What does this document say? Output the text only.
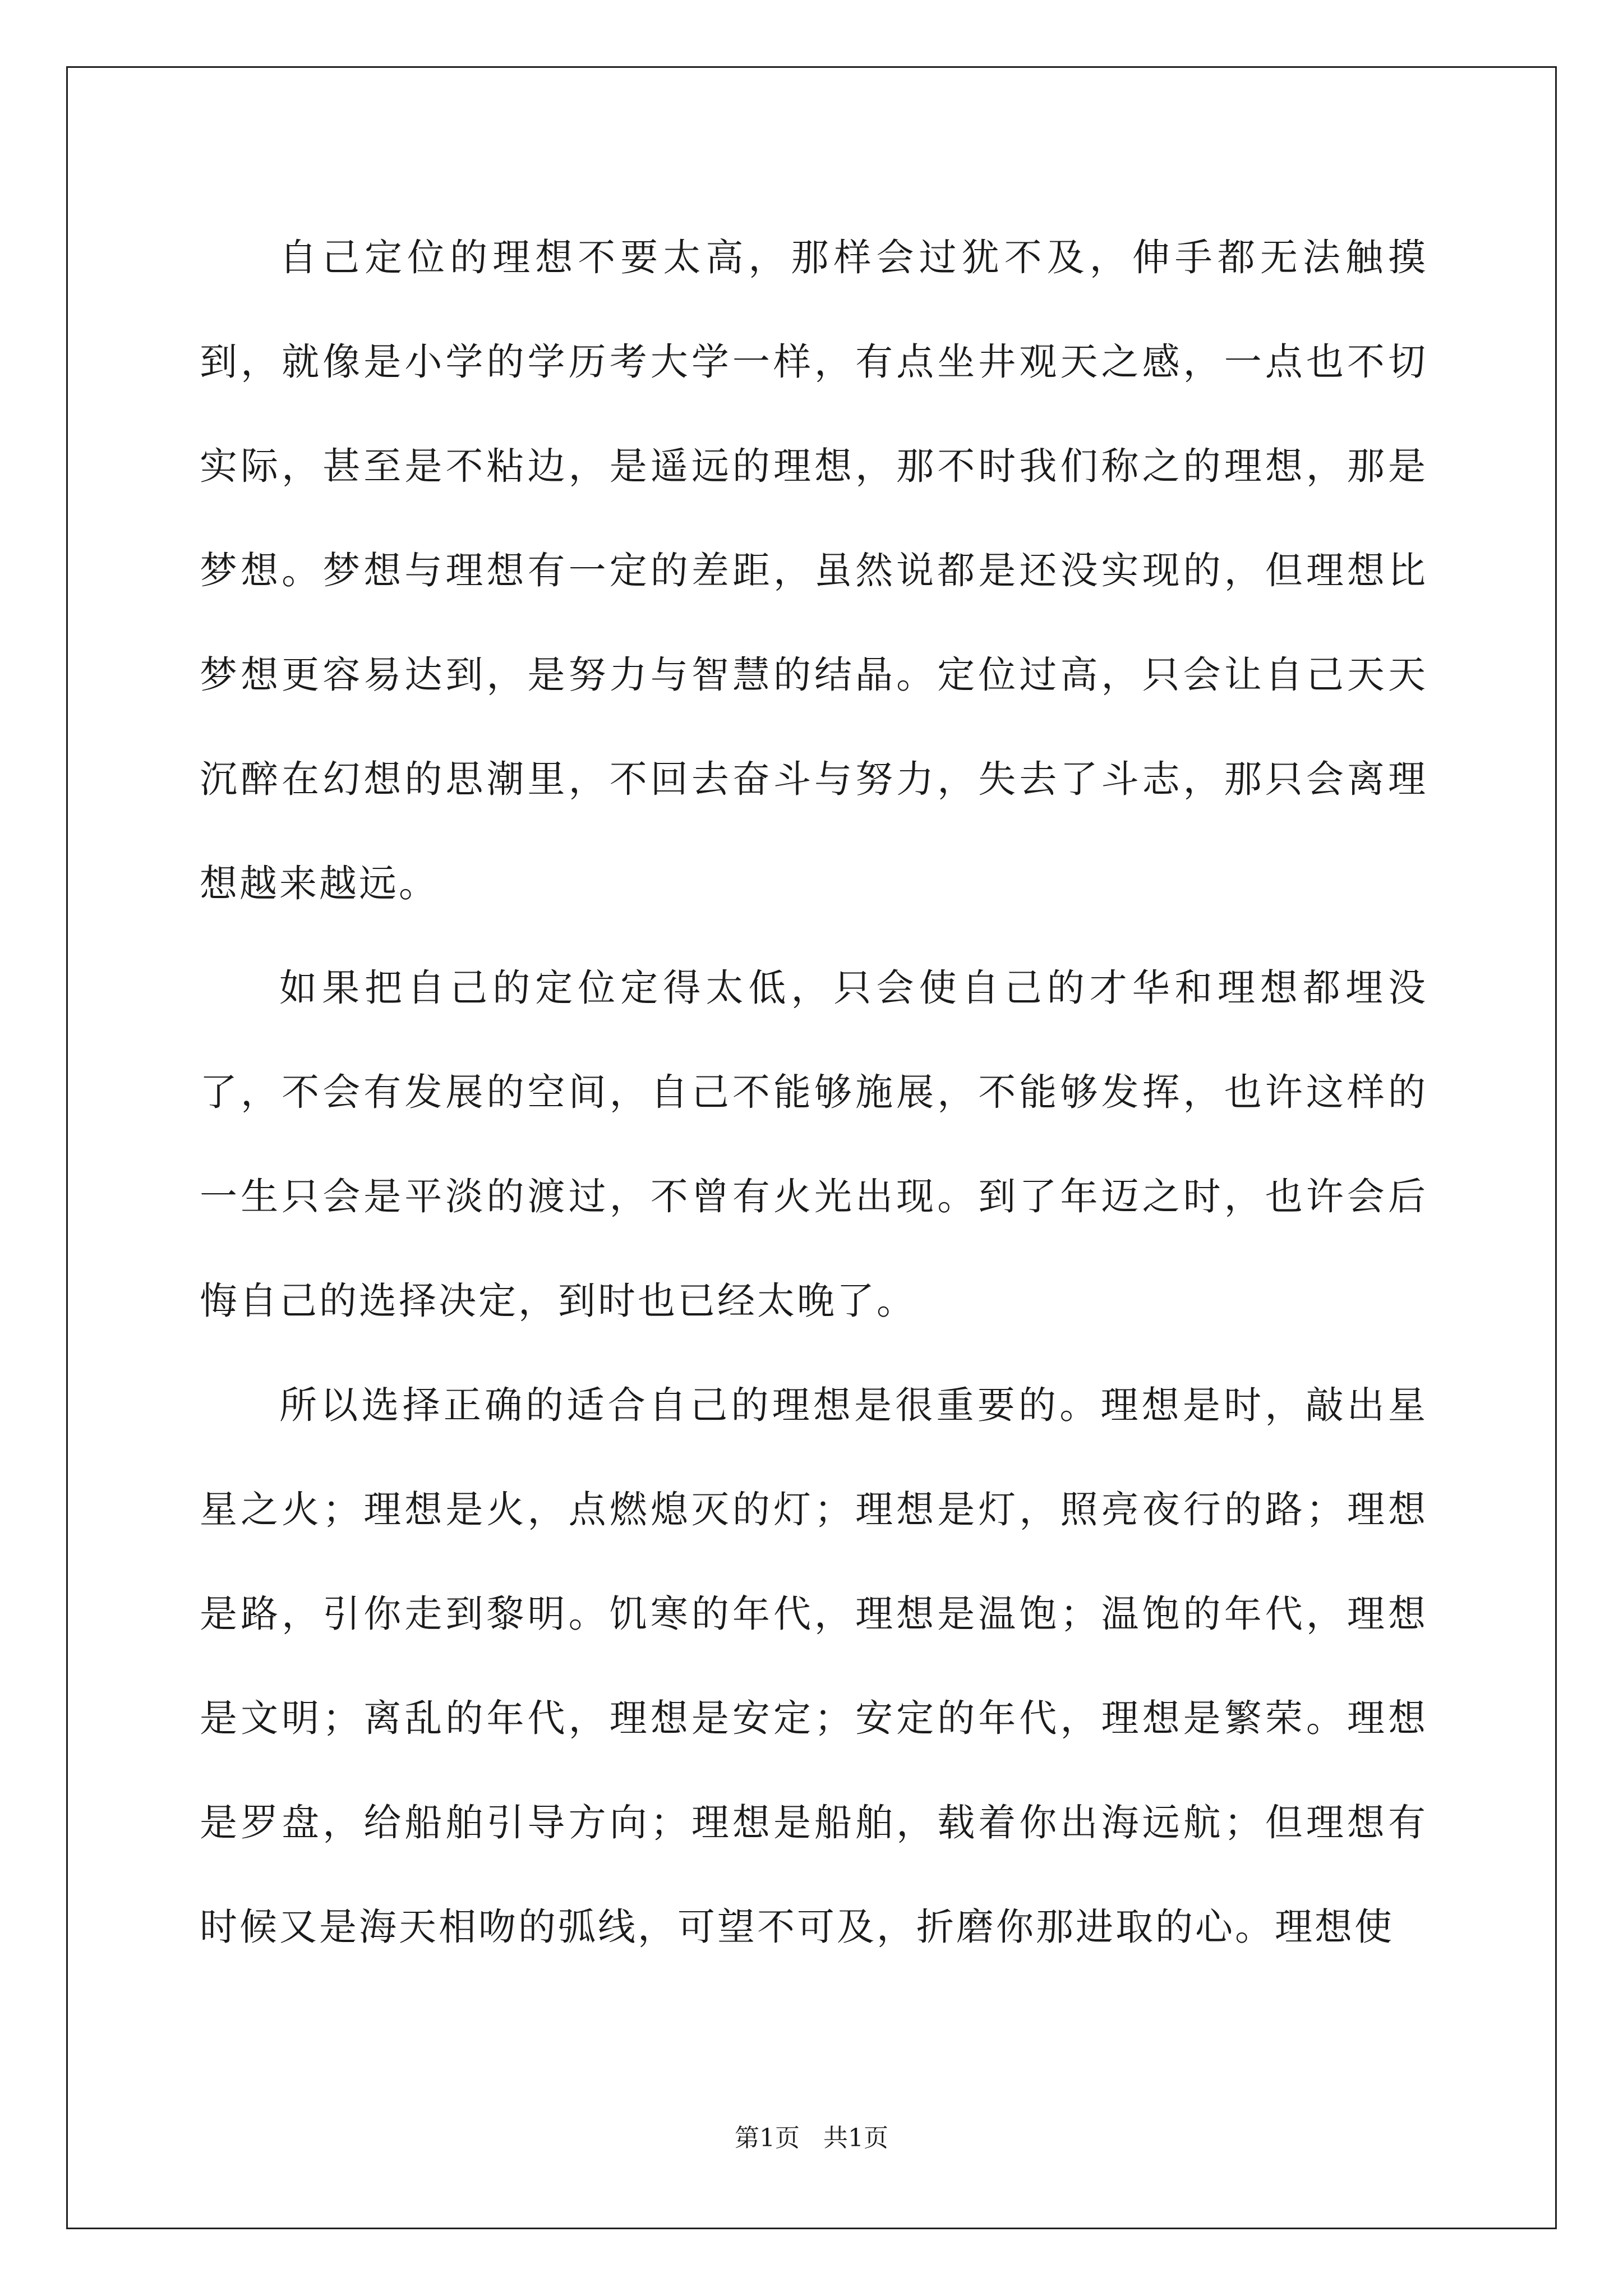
自己定位的理想不要太高，那样会过犹不及，伸手都无法触摸到，就像是小学的学历考大学一样，有点坐井观天之感，一点也不切实际，甚至是不粘边，是遥远的理想，那不时我们称之的理想，那是梦想。梦想与理想有一定的差距，虽然说都是还没实现的，但理想比梦想更容易达到，是努力与智慧的结晶。定位过高，只会让自己天天沉醉在幻想的思潮里，不回去奋斗与努力，失去了斗志，那只会离理想越来越远。

如果把自己的定位定得太低，只会使自己的才华和理想都埋没了，不会有发展的空间，自己不能够施展，不能够发挥，也许这样的一生只会是平淡的渡过，不曾有火光出现。到了年迈之时，也许会后悔自己的选择决定，到时也已经太晚了。

所以选择正确的适合自己的理想是很重要的。理想是时，敲出星星之火；理想是火，点燃熄灭的灯；理想是灯，照亮夜行的路；理想是路，引你走到黎明。饥寒的年代，理想是温饱；温饱的年代，理想是文明；离乱的年代，理想是安定；安定的年代，理想是繁荣。理想是罗盘，给船舶引导方向；理想是船舶，载着你出海远航；但理想有时候又是海天相吻的弧线，可望不可及，折磨你那进取的心。理想使

第1页   共1页
